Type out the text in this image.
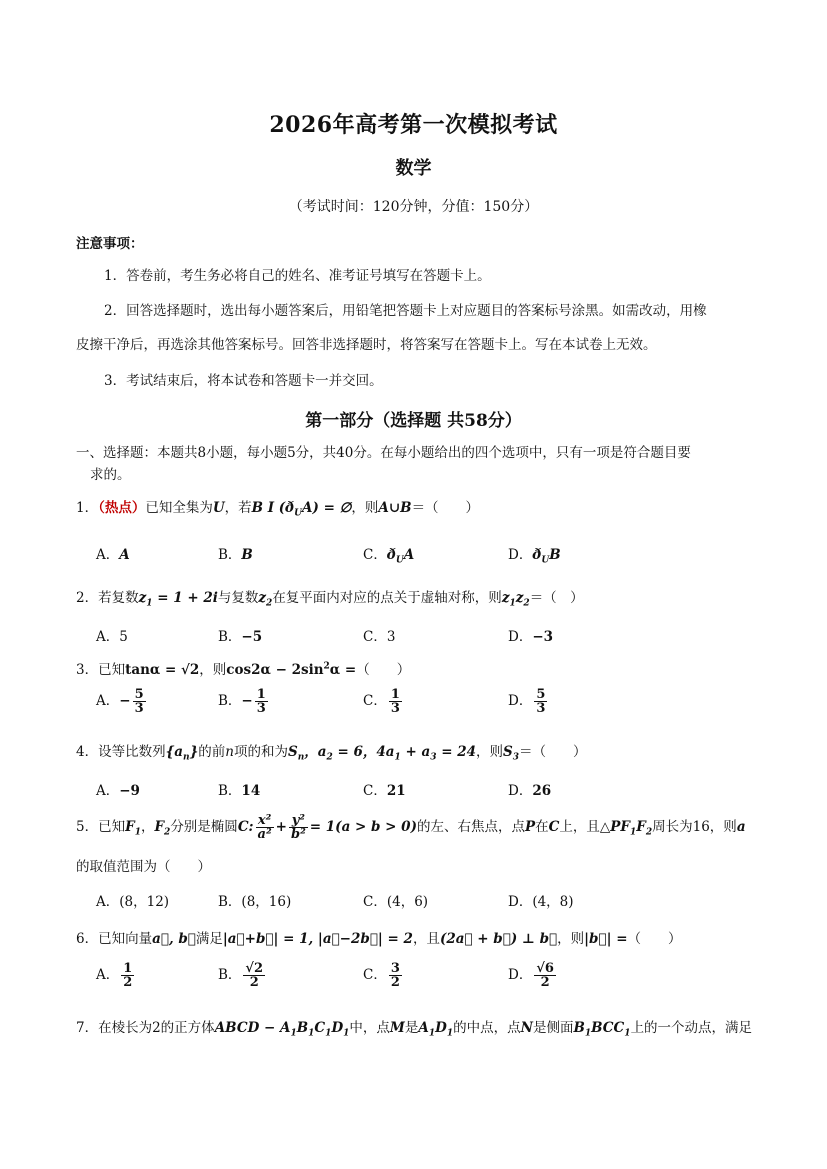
2026年高考第一次模拟考试
数学
（考试时间：120分钟，分值：150分）
注意事项：
1．答卷前，考生务必将自己的姓名、准考证号填写在答题卡上。
2．回答选择题时，选出每小题答案后，用铅笔把答题卡上对应题目的答案标号涂黑。如需改动，用橡
皮擦干净后，再选涂其他答案标号。回答非选择题时，将答案写在答题卡上。写在本试卷上无效。
3．考试结束后，将本试卷和答题卡一并交回。
第一部分（选择题 共58分）
一、选择题：本题共8小题，每小题5分，共40分。在每小题给出的四个选项中，只有一项是符合题目要
求的。
1．（热点）已知全集为U，若B I $(ð_UA)$ = ∅，则A∪B＝（　　）
A．A	B．B	C．$ð_UA$	D．$ð_UB$
2．若复数$z_1 = 1 + 2i$与复数$z_2$在复平面内对应的点关于虚轴对称，则$z_1z_2=$（　）
A．5	B．−5	C．3	D．−3
3．已知tanα = √2，则$\cos 2\alpha - 2\sin^2\alpha$ =（　　）
A．− $\frac{5}{3}$	B．− $\frac{1}{3}$	C． $\frac{1}{3}$	D． $\frac{5}{3}$
4．设等比数列$\{a_n\}$的前n项的和为$S_n$，$a_2 = 6$，$4a_1 + a_3 = 24$，则$S_3=$（　　）
A．−9	B．14	C．21	D．26
5．已知$F_1$，$F_2$分别是椭圆C: $\frac{\text{x²}}{\text{a²}} + \frac{\text{y²}}{\text{b²}} = 1(a > b > 0)$的左、右焦点，点P在C上，且$\triangle PF_1F_2$周长为16，则a
的取值范围为（　　）
A．(8，12)	B．(8，16)	C．(4，6)	D．(4，8)
6．已知向量a⃗, b⃗满足|a⃗+b⃗| = 1, |a⃗−2b⃗| = 2，且(2a⃗ + b⃗) ⊥ b⃗，则|b⃗| =（　　）
A． $\frac{1}{2}$	B． $\frac{√2}{2}$	C． $\frac{3}{2}$	D． $\frac{√6}{2}$
7．在棱长为2的正方体ABCD − $A_1B_1C_1D_1$中，点M是$A_1D_1$的中点，点N是侧面$B_1BCC_1$上的一个动点，满足
